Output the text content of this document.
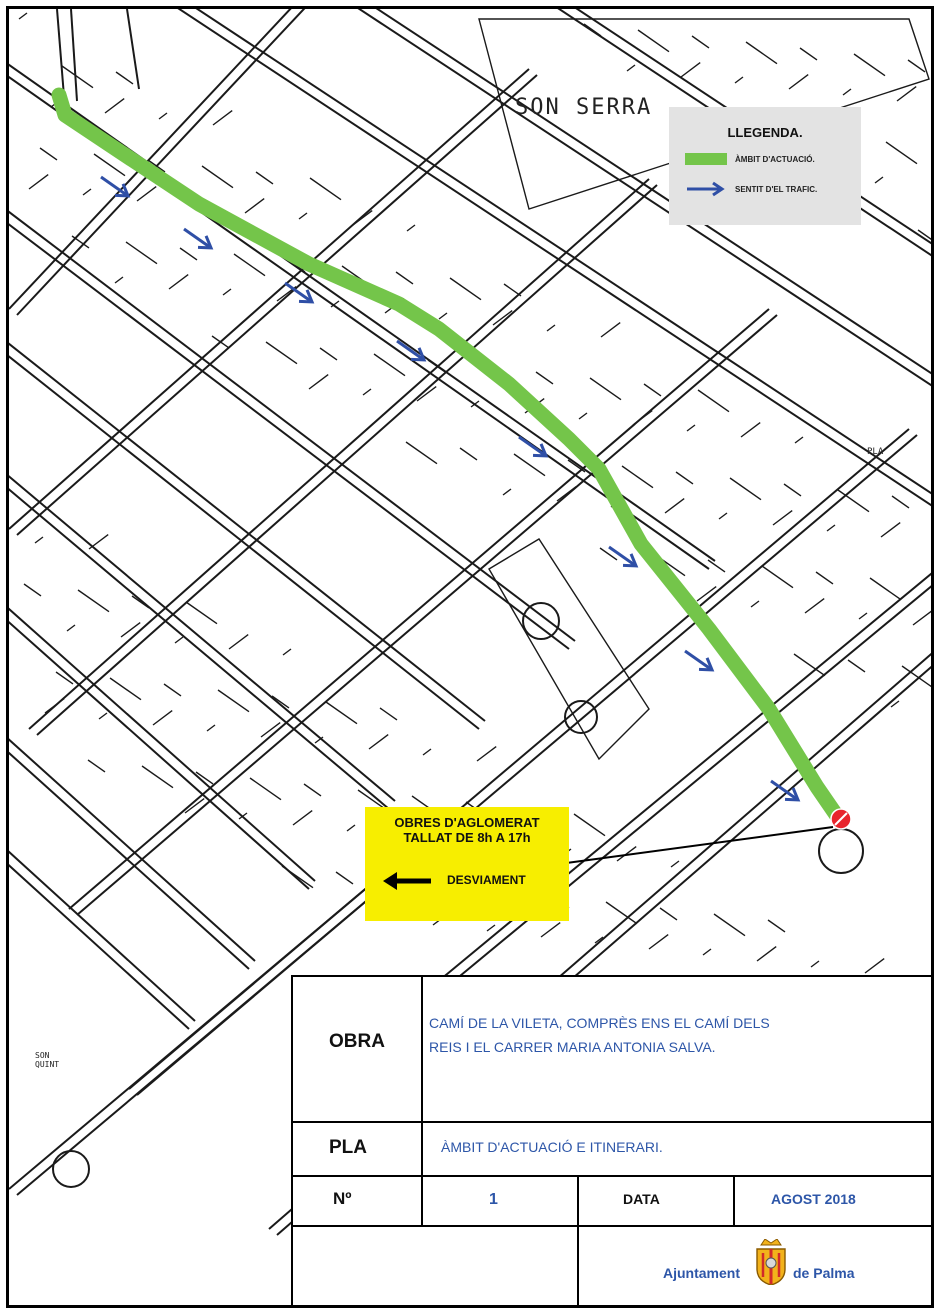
SON SERRA
SON QUINT
PLA
LLEGENDA.
ÀMBIT D'ACTUACIÓ.
SENTIT D'EL TRAFIC.
OBRES D'AGLOMERAT
TALLAT DE 8h A 17h
DESVIAMENT
OBRA
CAMÍ DE LA VILETA, COMPRÈS ENS EL CAMÍ DELS
REIS I EL CARRER MARIA ANTONIA SALVA.
PLA	ÀMBIT D'ACTUACIÓ E ITINERARI.
Nº	1	DATA	AGOST 2018
Ajuntament	de Palma
